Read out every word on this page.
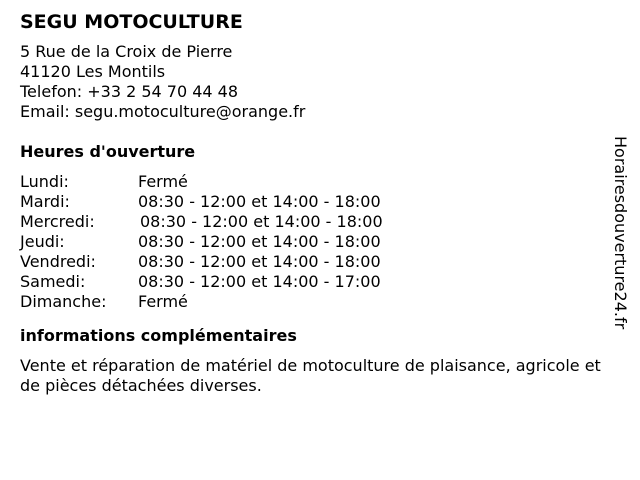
SEGU MOTOCULTURE
5 Rue de la Croix de Pierre
41120 Les Montils
Telefon: +33 2 54 70 44 48
Email: segu.motoculture@orange.fr
Heures d'ouverture
Lundi:	Fermé
Mardi:	08:30 - 12:00 et 14:00 - 18:00
Mercredi:	08:30 - 12:00 et 14:00 - 18:00
Jeudi:	08:30 - 12:00 et 14:00 - 18:00
Vendredi:	08:30 - 12:00 et 14:00 - 18:00
Samedi:	08:30 - 12:00 et 14:00 - 17:00
Dimanche: Fermé
informations complémentaires

Vente et réparation de matériel de motoculture de plaisance, agricole et de pièces détachées diverses.

Horairesdouverture24.fr
